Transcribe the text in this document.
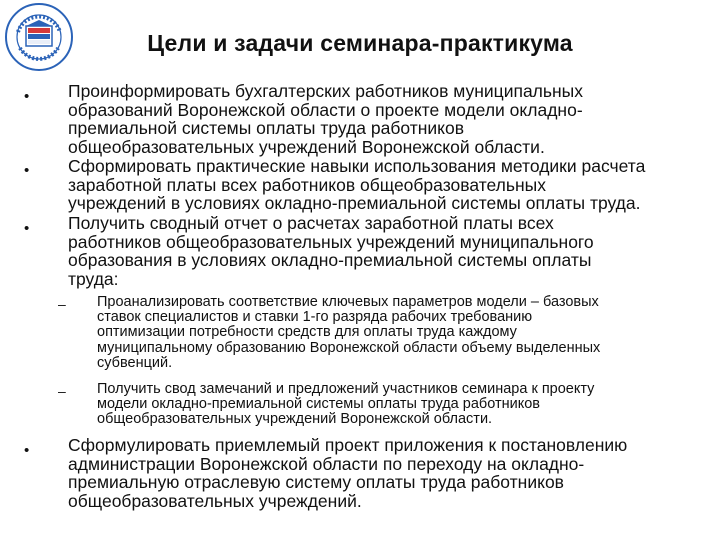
Цели и задачи семинара-практикума
• Проинформировать бухгалтерских работников муниципальных
образований Воронежской области о проекте модели окладно-
премиальной системы оплаты труда работников
общеобразовательных учреждений Воронежской области.
• Сформировать практические навыки использования методики расчета
заработной платы всех работников общеобразовательных
учреждений в условиях окладно-премиальной системы оплаты труда.
• Получить сводный отчет о расчетах заработной платы всех
работников общеобразовательных учреждений муниципального
образования в условиях окладно-премиальной системы оплаты
труда:
– Проанализировать соответствие ключевых параметров модели – базовых
ставок специалистов и ставки 1-го разряда рабочих требованию
оптимизации потребности средств для оплаты труда каждому
муниципальному образованию Воронежской области объему выделенных
субвенций.
– Получить свод замечаний и предложений участников семинара к проекту
модели окладно-премиальной системы оплаты труда работников
общеобразовательных учреждений Воронежской области.
• Сформулировать приемлемый проект приложения к постановлению
администрации Воронежской области по переходу на окладно-
премиальную отраслевую систему оплаты труда работников
общеобразовательных учреждений.
